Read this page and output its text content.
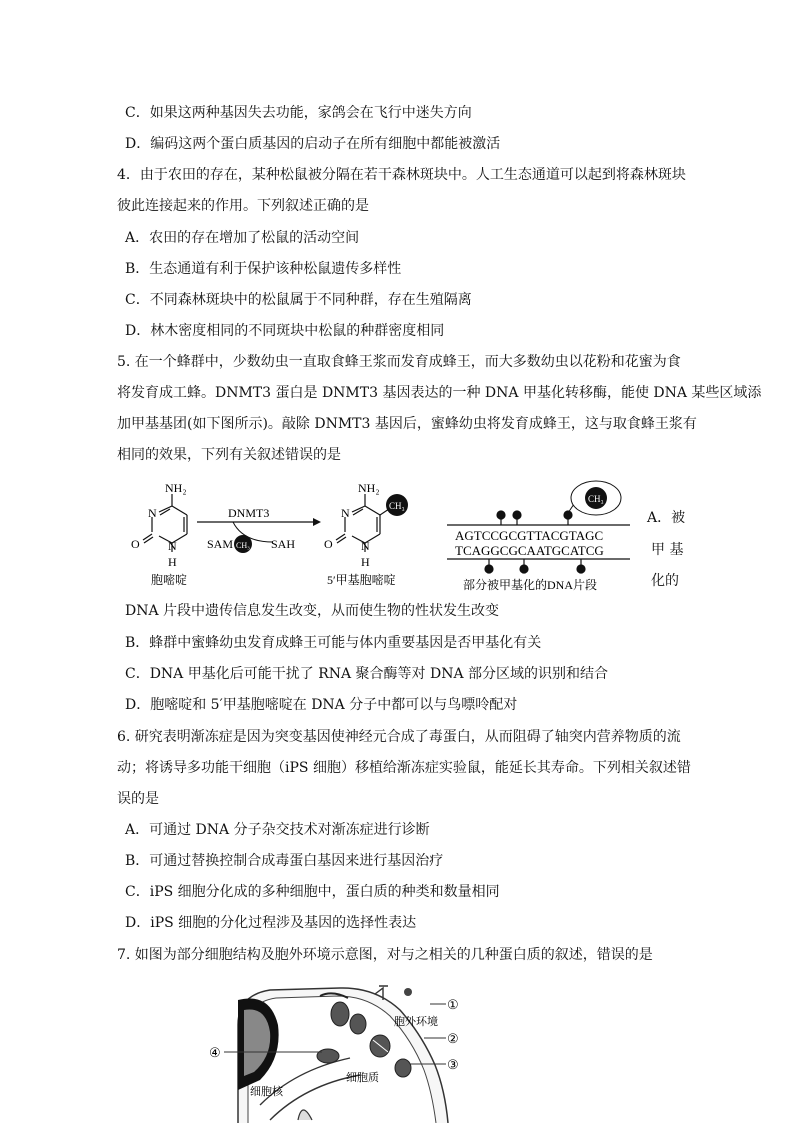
C．如果这两种基因失去功能，家鸽会在飞行中迷失方向
D．编码这两个蛋白质基因的启动子在所有细胞中都能被激活
4．由于农田的存在，某种松鼠被分隔在若干森林斑块中。人工生态通道可以起到将森林斑块
彼此连接起来的作用。下列叙述正确的是
A．农田的存在增加了松鼠的活动空间
B．生态通道有利于保护该种松鼠遗传多样性
C．不同森林斑块中的松鼠属于不同种群，存在生殖隔离
D．林木密度相同的不同斑块中松鼠的种群密度相同
5. 在一个蜂群中，少数幼虫一直取食蜂王浆而发育成蜂王，而大多数幼虫以花粉和花蜜为食
将发育成工蜂。DNMT3 蛋白是 DNMT3 基因表达的一种 DNA 甲基化转移酶，能使 DNA 某些区域添
加甲基基团(如下图所示)。敲除 DNMT3 基因后，蜜蜂幼虫将发育成蜂王，这与取食蜂王浆有
相同的效果，下列有关叙述错误的是
NH₂
N
O N
H
胞嘧啶
DNMT3
SAM CH₃ SAH
NH₂
N
O N
H
CH₃
5′甲基胞嘧啶
AGTCCGCGTTACGTAGC
TCAGGCGCAATGCATCG
CH₃
部分被甲基化的DNA片段
A．被
甲 基
化的
DNA 片段中遗传信息发生改变，从而使生物的性状发生改变
B．蜂群中蜜蜂幼虫发育成蜂王可能与体内重要基因是否甲基化有关
C．DNA 甲基化后可能干扰了 RNA 聚合酶等对 DNA 部分区域的识别和结合
D．胞嘧啶和 5′甲基胞嘧啶在 DNA 分子中都可以与鸟嘌呤配对
6. 研究表明渐冻症是因为突变基因使神经元合成了毒蛋白，从而阻碍了轴突内营养物质的流
动；将诱导多功能干细胞（iPS 细胞）移植给渐冻症实验鼠，能延长其寿命。下列相关叙述错
误的是
A．可通过 DNA 分子杂交技术对渐冻症进行诊断
B．可通过替换控制合成毒蛋白基因来进行基因治疗
C．iPS 细胞分化成的多种细胞中，蛋白质的种类和数量相同
D．iPS 细胞的分化过程涉及基因的选择性表达
7. 如图为部分细胞结构及胞外环境示意图，对与之相关的几种蛋白质的叙述，错误的是
①
②
③
④
胞外环境
细胞核
细胞质
